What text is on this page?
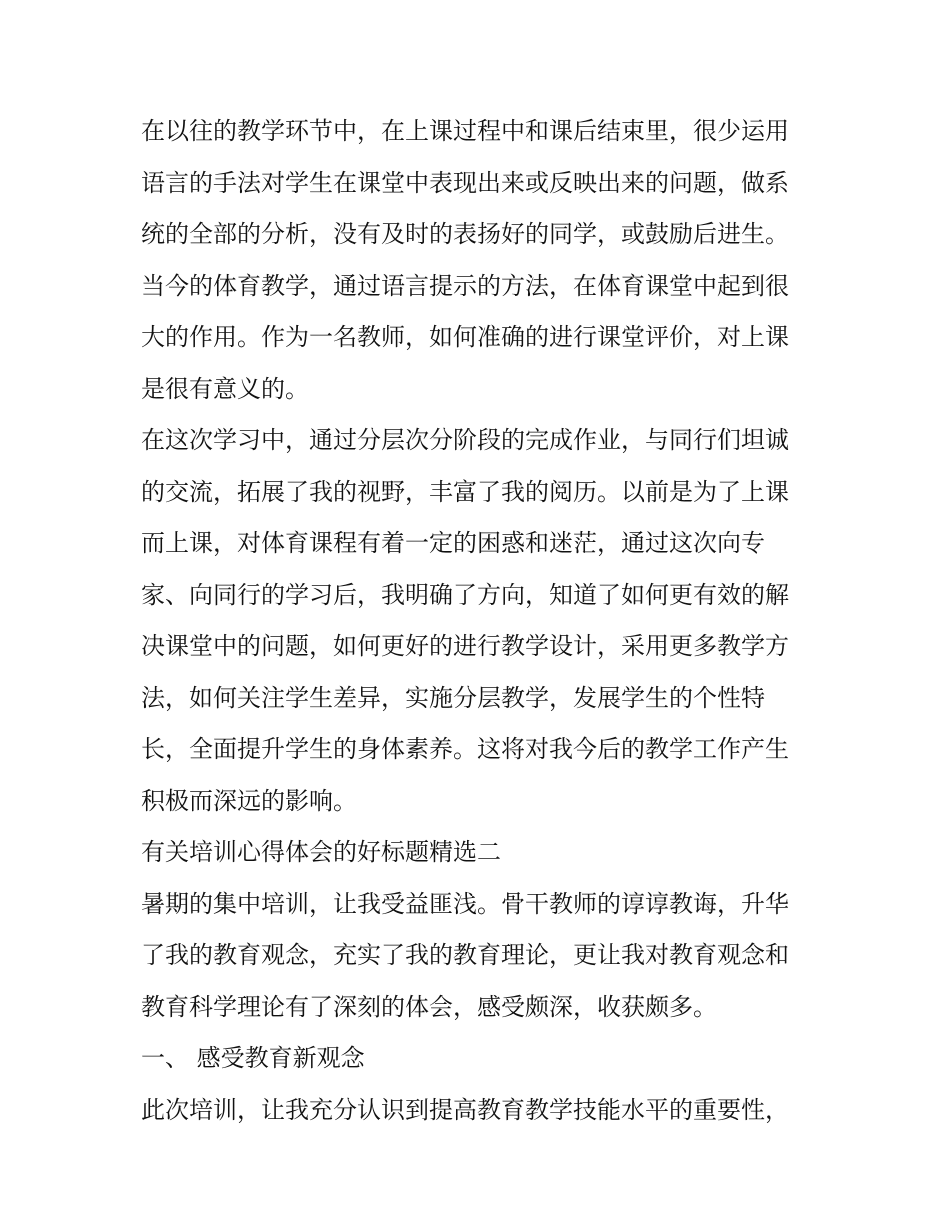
在以往的教学环节中，在上课过程中和课后结束里，很少运用
语言的手法对学生在课堂中表现出来或反映出来的问题，做系
统的全部的分析，没有及时的表扬好的同学，或鼓励后进生。
当今的体育教学，通过语言提示的方法，在体育课堂中起到很
大的作用。作为一名教师，如何准确的进行课堂评价，对上课
是很有意义的。
在这次学习中，通过分层次分阶段的完成作业，与同行们坦诚
的交流，拓展了我的视野，丰富了我的阅历。以前是为了上课
而上课，对体育课程有着一定的困惑和迷茫，通过这次向专
家、向同行的学习后，我明确了方向，知道了如何更有效的解
决课堂中的问题，如何更好的进行教学设计，采用更多教学方
法，如何关注学生差异，实施分层教学，发展学生的个性特
长，全面提升学生的身体素养。这将对我今后的教学工作产生
积极而深远的影响。
有关培训心得体会的好标题精选二
暑期的集中培训，让我受益匪浅。骨干教师的谆谆教诲，升华
了我的教育观念，充实了我的教育理论，更让我对教育观念和
教育科学理论有了深刻的体会，感受颇深，收获颇多。
一、 感受教育新观念
此次培训，让我充分认识到提高教育教学技能水平的重要性，
